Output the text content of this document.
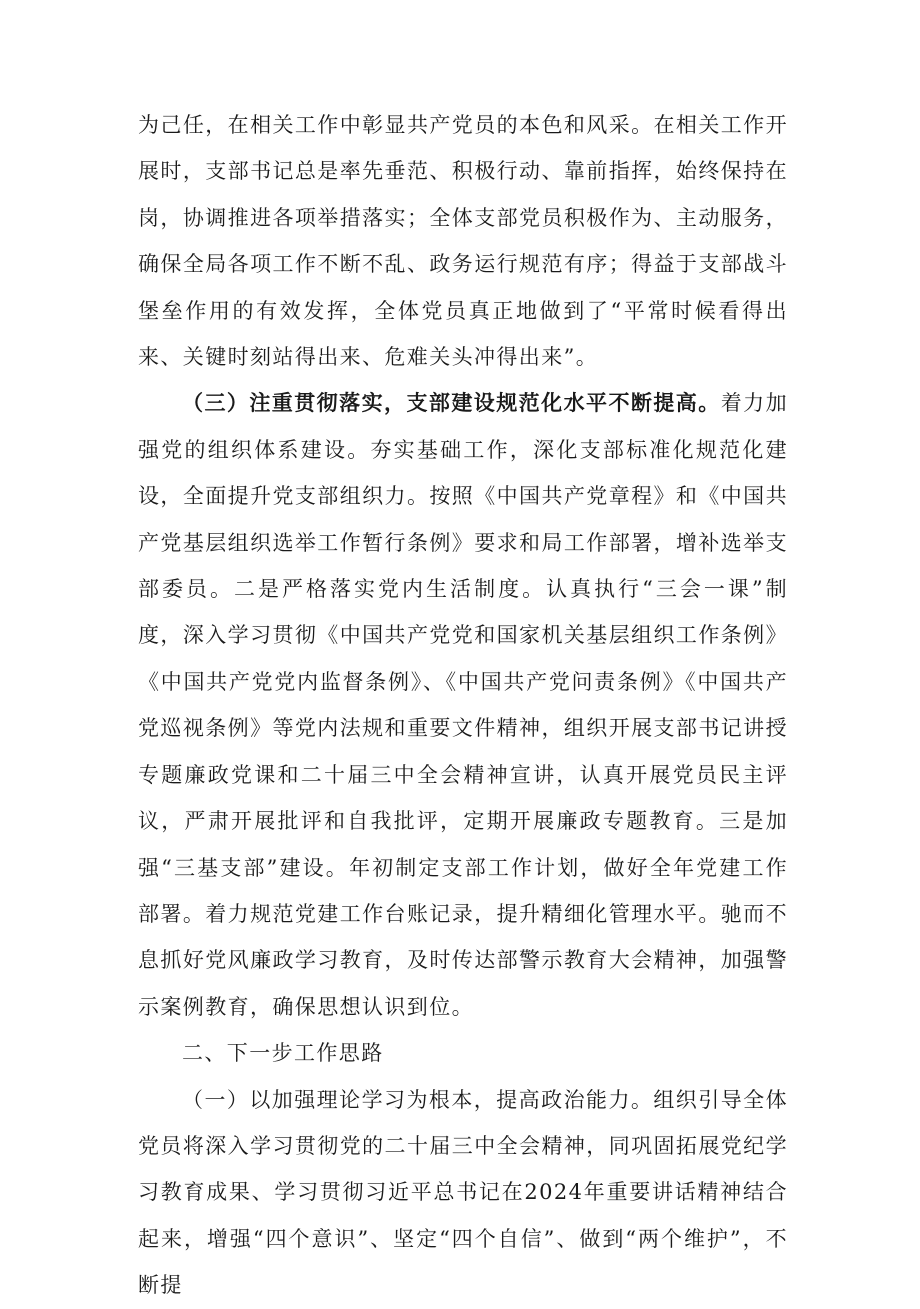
为己任，在相关工作中彰显共产党员的本色和风采。在相关工作开展时，支部书记总是率先垂范、积极行动、靠前指挥，始终保持在岗，协调推进各项举措落实；全体支部党员积极作为、主动服务，确保全局各项工作不断不乱、政务运行规范有序；得益于支部战斗堡垒作用的有效发挥，全体党员真正地做到了“平常时候看得出来、关键时刻站得出来、危难关头冲得出来”。

（三）注重贯彻落实，支部建设规范化水平不断提高。着力加强党的组织体系建设。夯实基础工作，深化支部标准化规范化建设，全面提升党支部组织力。按照《中国共产党章程》和《中国共产党基层组织选举工作暂行条例》要求和局工作部署，增补选举支部委员。二是严格落实党内生活制度。认真执行“三会一课”制度，深入学习贯彻《中国共产党党和国家机关基层组织工作条例》《中国共产党党内监督条例》、《中国共产党问责条例》《中国共产党巡视条例》等党内法规和重要文件精神，组织开展支部书记讲授专题廉政党课和二十届三中全会精神宣讲，认真开展党员民主评议，严肃开展批评和自我批评，定期开展廉政专题教育。三是加强“三基支部”建设。年初制定支部工作计划，做好全年党建工作部署。着力规范党建工作台账记录，提升精细化管理水平。驰而不息抓好党风廉政学习教育，及时传达部警示教育大会精神，加强警示案例教育，确保思想认识到位。

二、下一步工作思路

（一）以加强理论学习为根本，提高政治能力。组织引导全体党员将深入学习贯彻党的二十届三中全会精神，同巩固拓展党纪学习教育成果、学习贯彻习近平总书记在2024年重要讲话精神结合起来，增强“四个意识”、坚定“四个自信”、做到“两个维护”，不断提
